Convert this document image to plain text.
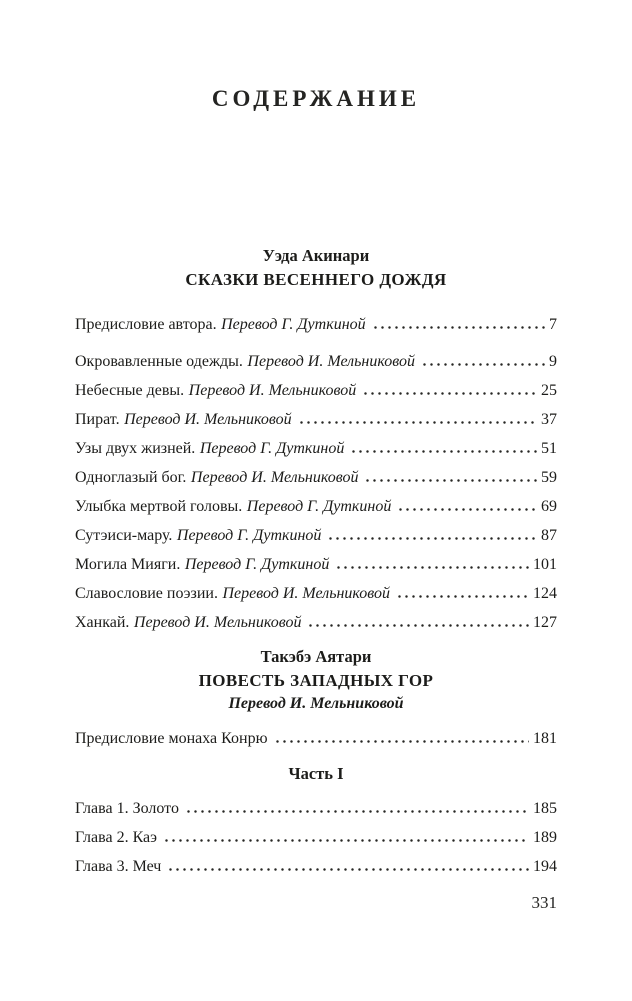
СОДЕРЖАНИЕ
Уэда Акинари
СКАЗКИ ВЕСЕННЕГО ДОЖДЯ
Предисловие автора. Перевод Г. Дуткиной	7
Окровавленные одежды. Перевод И. Мельниковой	9
Небесные девы. Перевод И. Мельниковой	25
Пират. Перевод И. Мельниковой	37
Узы двух жизней. Перевод Г. Дуткиной	51
Одноглазый бог. Перевод И. Мельниковой	59
Улыбка мертвой головы. Перевод Г. Дуткиной	69
Сутэиси-мару. Перевод Г. Дуткиной	87
Могила Мияги. Перевод Г. Дуткиной	101
Славословие поэзии. Перевод И. Мельниковой	124
Ханкай. Перевод И. Мельниковой	127
Такэбэ Аятари
ПОВЕСТЬ ЗАПАДНЫХ ГОР
Перевод И. Мельниковой
Предисловие монаха Конрю	181
Часть I
Глава 1. Золото	185
Глава 2. Каэ	189
Глава 3. Меч	194
331
